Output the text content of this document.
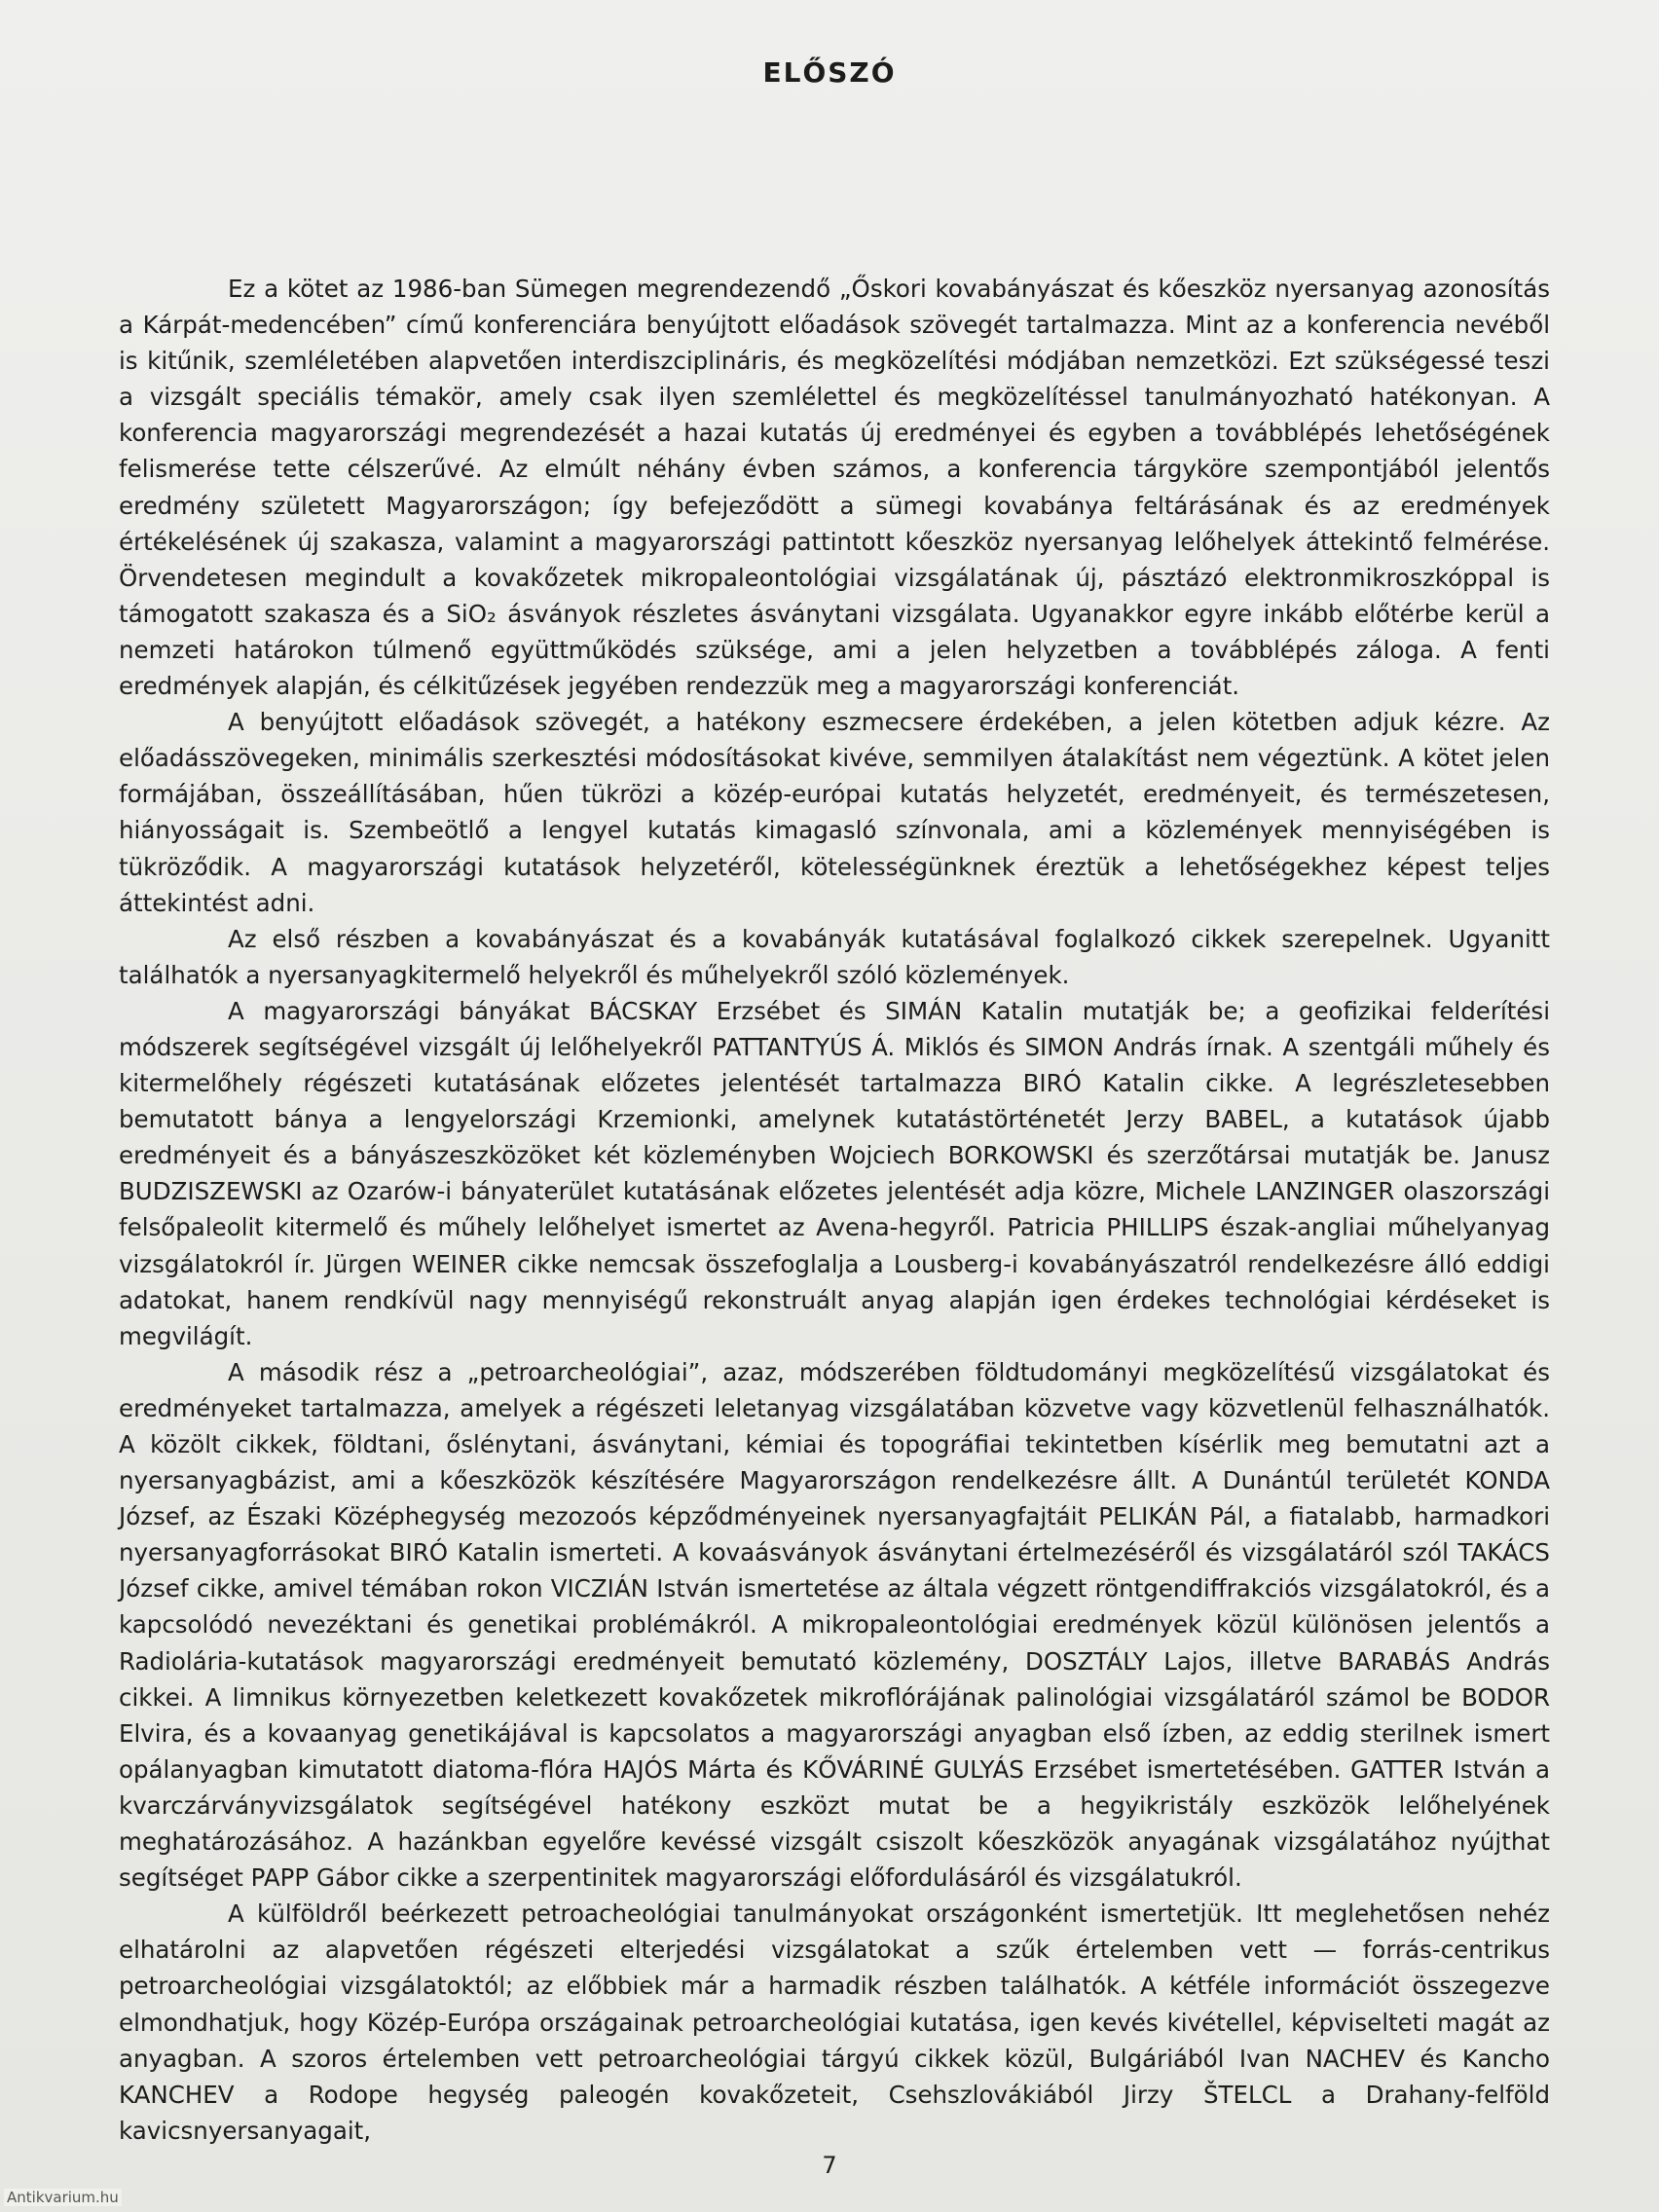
ELŐSZÓ

Ez a kötet az 1986-ban Sümegen megrendezendő „Őskori kovabányászat és kőeszköz nyersanyag azonosítás a Kárpát-medencében” című konferenciára benyújtott előadások szövegét tartalmazza. Mint az a konferencia nevéből is kitűnik, szemléletében alapvetően interdiszciplináris, és megközelítési módjában nemzetközi. Ezt szükségessé teszi a vizsgált speciális témakör, amely csak ilyen szemlélettel és megközelítéssel tanulmányozható hatékonyan. A konferencia magyarországi megrendezését a hazai kutatás új eredményei és egyben a továbblépés lehetőségének felismerése tette célszerűvé. Az elmúlt néhány évben számos, a konferencia tárgyköre szempontjából jelentős eredmény született Magyarországon; így befejeződött a sümegi kovabánya feltárásának és az eredmények értékelésének új szakasza, valamint a magyarországi pattintott kőeszköz nyersanyag lelőhelyek áttekintő felmérése. Örvendetesen megindult a kovakőzetek mikropaleontológiai vizsgálatának új, pásztázó elektronmikroszkóppal is támogatott szakasza és a SiO₂ ásványok részletes ásványtani vizsgálata. Ugyanakkor egyre inkább előtérbe kerül a nemzeti határokon túlmenő együttműködés szüksége, ami a jelen helyzetben a továbblépés záloga. A fenti eredmények alapján, és célkitűzések jegyében rendezzük meg a magyarországi konferenciát.

A benyújtott előadások szövegét, a hatékony eszmecsere érdekében, a jelen kötetben adjuk kézre. Az előadásszövegeken, minimális szerkesztési módosításokat kivéve, semmilyen átalakítást nem végeztünk. A kötet jelen formájában, összeállításában, hűen tükrözi a közép-európai kutatás helyzetét, eredményeit, és természetesen, hiányosságait is. Szembeötlő a lengyel kutatás kimagasló színvonala, ami a közlemények mennyiségében is tükröződik. A magyarországi kutatások helyzetéről, kötelességünknek éreztük a lehetőségekhez képest teljes áttekintést adni.

Az első részben a kovabányászat és a kovabányák kutatásával foglalkozó cikkek szerepelnek. Ugyanitt találhatók a nyersanyagkitermelő helyekről és műhelyekről szóló közlemények.

A magyarországi bányákat BÁCSKAY Erzsébet és SIMÁN Katalin mutatják be; a geofizikai felderítési módszerek segítségével vizsgált új lelőhelyekről PATTANTYÚS Á. Miklós és SIMON András írnak. A szentgáli műhely és kitermelőhely régészeti kutatásának előzetes jelentését tartalmazza BIRÓ Katalin cikke. A legrészletesebben bemutatott bánya a lengyelországi Krzemionki, amelynek kutatástörténetét Jerzy BABEL, a kutatások újabb eredményeit és a bányászeszközöket két közleményben Wojciech BORKOWSKI és szerzőtársai mutatják be. Janusz BUDZISZEWSKI az Ozarów-i bányaterület kutatásának előzetes jelentését adja közre, Michele LANZINGER olaszországi felsőpaleolit kitermelő és műhely lelőhelyet ismertet az Avena-hegyről. Patricia PHILLIPS észak-angliai műhelyanyag vizsgálatokról ír. Jürgen WEINER cikke nemcsak összefoglalja a Lousberg-i kovabányászatról rendelkezésre álló eddigi adatokat, hanem rendkívül nagy mennyiségű rekonstruált anyag alapján igen érdekes technológiai kérdéseket is megvilágít.

A második rész a „petroarcheológiai”, azaz, módszerében földtudományi megközelítésű vizsgálatokat és eredményeket tartalmazza, amelyek a régészeti leletanyag vizsgálatában közvetve vagy közvetlenül felhasználhatók. A közölt cikkek, földtani, őslénytani, ásványtani, kémiai és topográfiai tekintetben kísérlik meg bemutatni azt a nyersanyagbázist, ami a kőeszközök készítésére Magyarországon rendelkezésre állt. A Dunántúl területét KONDA József, az Északi Középhegység mezozoós képződményeinek nyersanyagfajtáit PELIKÁN Pál, a fiatalabb, harmadkori nyersanyagforrásokat BIRÓ Katalin ismerteti. A kovaásványok ásványtani értelmezéséről és vizsgálatáról szól TAKÁCS József cikke, amivel témában rokon VICZIÁN István ismertetése az általa végzett röntgendiffrakciós vizsgálatokról, és a kapcsolódó nevezéktani és genetikai problémákról. A mikropaleontológiai eredmények közül különösen jelentős a Radiolária-kutatások magyarországi eredményeit bemutató közlemény, DOSZTÁLY Lajos, illetve BARABÁS András cikkei. A limnikus környezetben keletkezett kovakőzetek mikroflórájának palinológiai vizsgálatáról számol be BODOR Elvira, és a kovaanyag genetikájával is kapcsolatos a magyarországi anyagban első ízben, az eddig sterilnek ismert opálanyagban kimutatott diatoma-flóra HAJÓS Márta és KŐVÁRINÉ GULYÁS Erzsébet ismertetésében. GATTER István a kvarczárványvizsgálatok segítségével hatékony eszközt mutat be a hegyikristály eszközök lelőhelyének meghatározásához. A hazánkban egyelőre kevéssé vizsgált csiszolt kőeszközök anyagának vizsgálatához nyújthat segítséget PAPP Gábor cikke a szerpentinitek magyarországi előfordulásáról és vizsgálatukról.

A külföldről beérkezett petroacheológiai tanulmányokat országonként ismertetjük. Itt meglehetősen nehéz elhatárolni az alapvetően régészeti elterjedési vizsgálatokat a szűk értelemben vett — forrás-centrikus petroarcheológiai vizsgálatoktól; az előbbiek már a harmadik részben találhatók. A kétféle információt összegezve elmondhatjuk, hogy Közép-Európa országainak petroarcheológiai kutatása, igen kevés kivétellel, képviselteti magát az anyagban. A szoros értelemben vett petroarcheológiai tárgyú cikkek közül, Bulgáriából Ivan NACHEV és Kancho KANCHEV a Rodope hegység paleogén kovakőzeteit, Csehszlovákiából Jirzy ŠTELCL a Drahany-felföld kavicsnyersanyagait,

7
Antikvarium.hu
